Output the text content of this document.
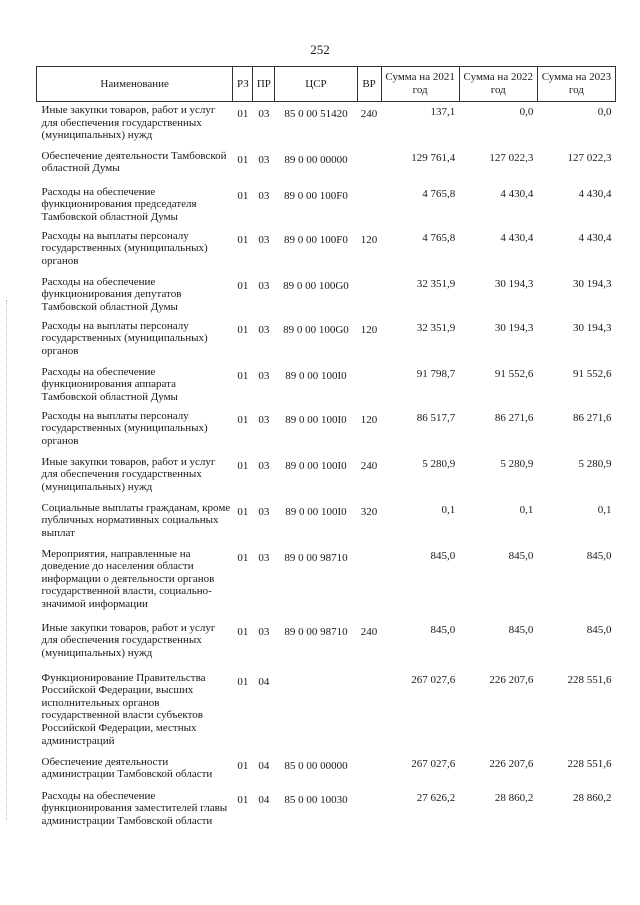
252
Наименование	РЗ	ПР	ЦСР	ВР	Сумма на 2021 год	Сумма на 2022 год	Сумма на 2023 год
Иные закупки товаров, работ и услуг для обеспечения государственных (муниципальных) нужд	01	03	85 0 00 51420	240	137,1	0,0	0,0
Обеспечение деятельности Тамбовской областной Думы	01	03	89 0 00 00000		129 761,4	127 022,3	127 022,3
Расходы на обеспечение функционирования председателя Тамбовской областной Думы	01	03	89 0 00 100F0		4 765,8	4 430,4	4 430,4
Расходы на выплаты персоналу государственных (муниципальных) органов	01	03	89 0 00 100F0	120	4 765,8	4 430,4	4 430,4
Расходы на обеспечение функционирования депутатов Тамбовской областной Думы	01	03	89 0 00 100G0		32 351,9	30 194,3	30 194,3
Расходы на выплаты персоналу государственных (муниципальных) органов	01	03	89 0 00 100G0	120	32 351,9	30 194,3	30 194,3
Расходы на обеспечение функционирования аппарата Тамбовской областной Думы	01	03	89 0 00 100I0		91 798,7	91 552,6	91 552,6
Расходы на выплаты персоналу государственных (муниципальных) органов	01	03	89 0 00 100I0	120	86 517,7	86 271,6	86 271,6
Иные закупки товаров, работ и услуг для обеспечения государственных (муниципальных) нужд	01	03	89 0 00 100I0	240	5 280,9	5 280,9	5 280,9
Социальные выплаты гражданам, кроме публичных нормативных социальных выплат	01	03	89 0 00 100I0	320	0,1	0,1	0,1
Мероприятия, направленные на доведение до населения области информации о деятельности органов государственной власти, социально-значимой информации	01	03	89 0 00 98710		845,0	845,0	845,0
Иные закупки товаров, работ и услуг для обеспечения государственных (муниципальных) нужд	01	03	89 0 00 98710	240	845,0	845,0	845,0
Функционирование Правительства Российской Федерации, высших исполнительных органов государственной власти субъектов Российской Федерации, местных администраций	01	04			267 027,6	226 207,6	228 551,6
Обеспечение деятельности администрации Тамбовской области	01	04	85 0 00 00000		267 027,6	226 207,6	228 551,6
Расходы на обеспечение функционирования заместителей главы администрации Тамбовской области	01	04	85 0 00 10030		27 626,2	28 860,2	28 860,2
